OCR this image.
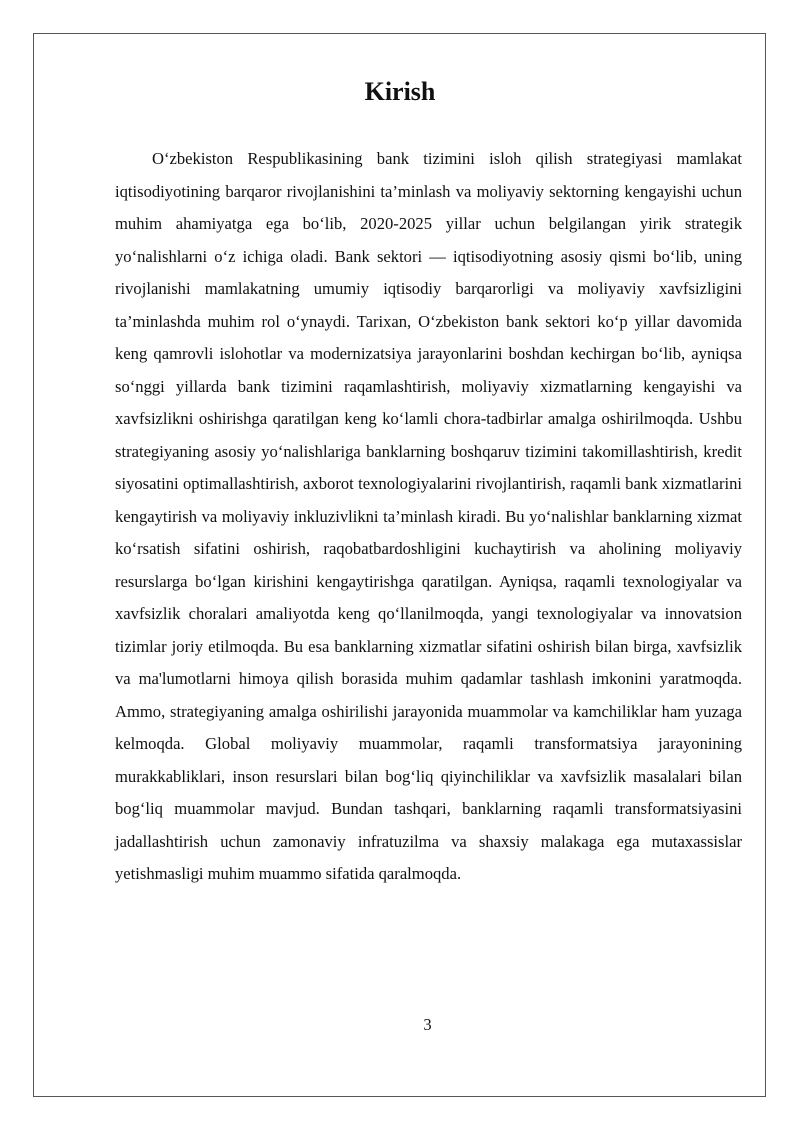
Kirish

O‘zbekiston Respublikasining bank tizimini isloh qilish strategiyasi mamlakat iqtisodiyotining barqaror rivojlanishini ta’minlash va moliyaviy sektorning kengayishi uchun muhim ahamiyatga ega bo‘lib, 2020-2025 yillar uchun belgilangan yirik strategik yo‘nalishlarni o‘z ichiga oladi. Bank sektori — iqtisodiyotning asosiy qismi bo‘lib, uning rivojlanishi mamlakatning umumiy iqtisodiy barqarorligi va moliyaviy xavfsizligini ta’minlashda muhim rol o‘ynaydi. Tarixan, O‘zbekiston bank sektori ko‘p yillar davomida keng qamrovli islohotlar va modernizatsiya jarayonlarini boshdan kechirgan bo‘lib, ayniqsa so‘nggi yillarda bank tizimini raqamlashtirish, moliyaviy xizmatlarning kengayishi va xavfsizlikni oshirishga qaratilgan keng ko‘lamli chora-tadbirlar amalga oshirilmoqda. Ushbu strategiyaning asosiy yo‘nalishlariga banklarning boshqaruv tizimini takomillashtirish, kredit siyosatini optimallashtirish, axborot texnologiyalarini rivojlantirish, raqamli bank xizmatlarini kengaytirish va moliyaviy inkluzivlikni ta’minlash kiradi. Bu yo‘nalishlar banklarning xizmat ko‘rsatish sifatini oshirish, raqobatbardoshligini kuchaytirish va aholining moliyaviy resurslarga bo‘lgan kirishini kengaytirishga qaratilgan. Ayniqsa, raqamli texnologiyalar va xavfsizlik choralari amaliyotda keng qo‘llanilmoqda, yangi texnologiyalar va innovatsion tizimlar joriy etilmoqda. Bu esa banklarning xizmatlar sifatini oshirish bilan birga, xavfsizlik va ma'lumotlarni himoya qilish borasida muhim qadamlar tashlash imkonini yaratmoqda. Ammo, strategiyaning amalga oshirilishi jarayonida muammolar va kamchiliklar ham yuzaga kelmoqda. Global moliyaviy muammolar, raqamli transformatsiya jarayonining murakkabliklari, inson resurslari bilan bog‘liq qiyinchiliklar va xavfsizlik masalalari bilan bog‘liq muammolar mavjud. Bundan tashqari, banklarning raqamli transformatsiyasini jadallashtirish uchun zamonaviy infratuzilma va shaxsiy malakaga ega mutaxassislar yetishmasligi muhim muammo sifatida qaralmoqda.

3
